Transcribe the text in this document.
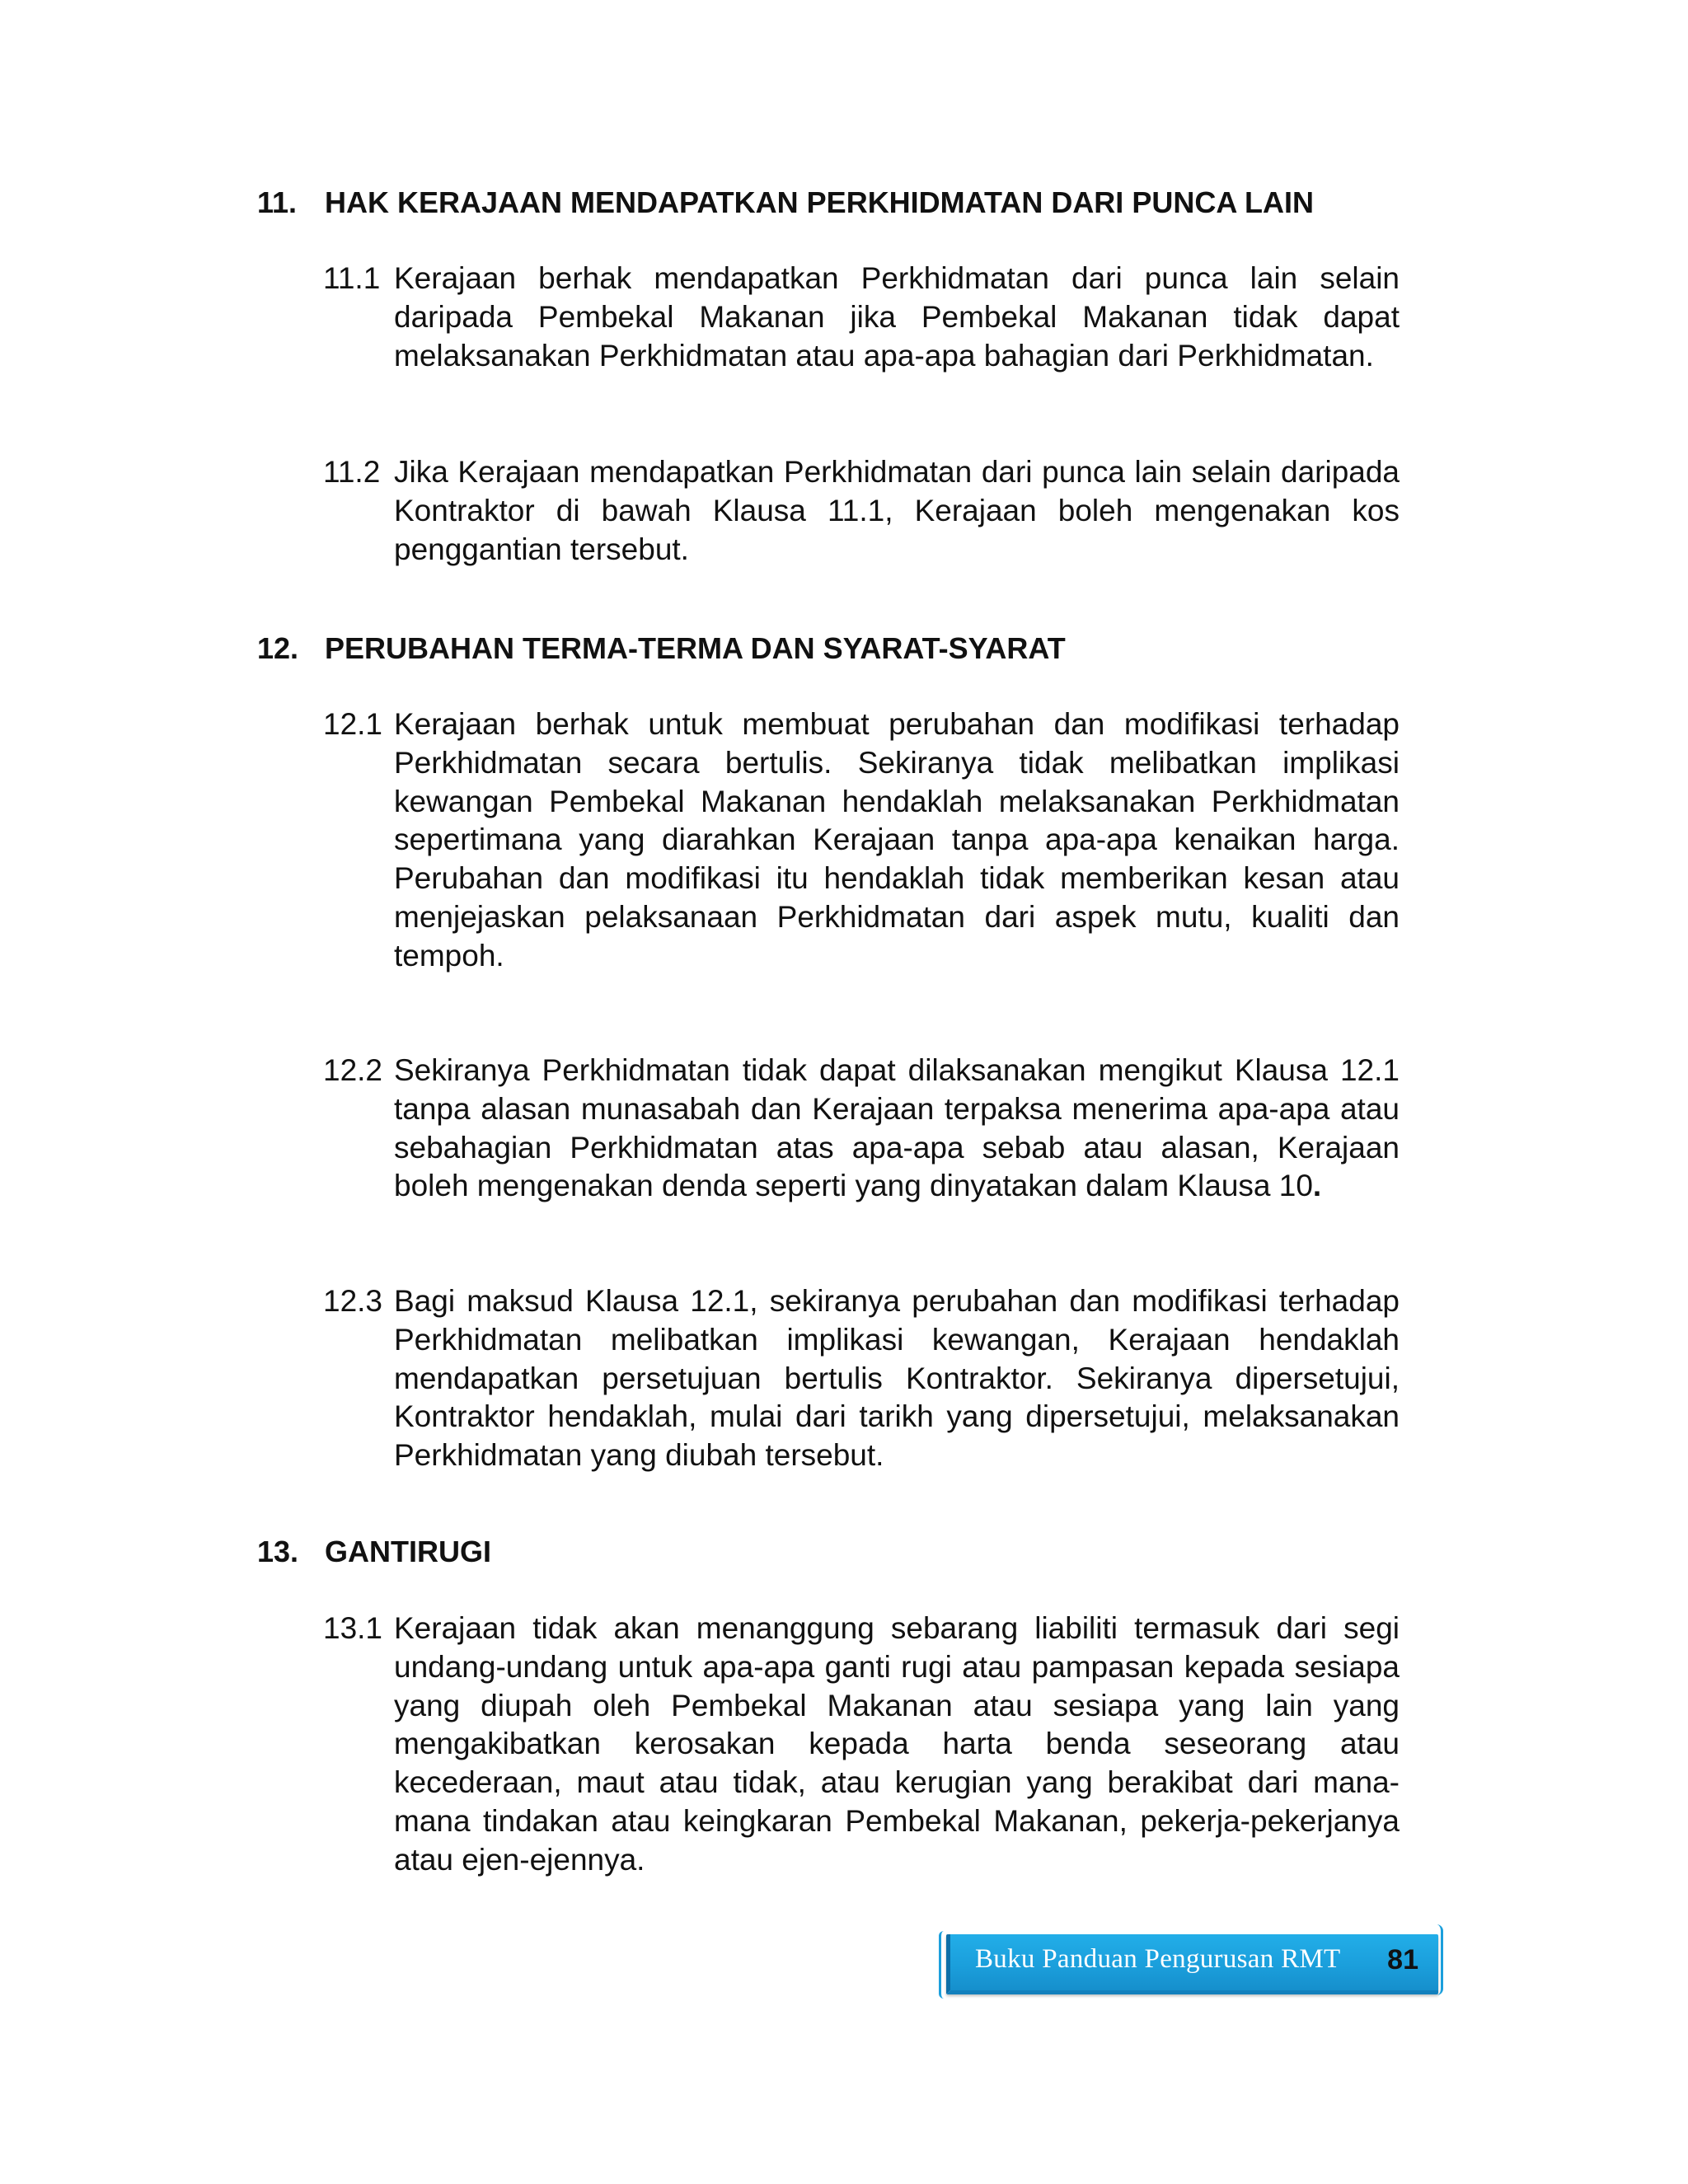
11. HAK KERAJAAN MENDAPATKAN PERKHIDMATAN DARI PUNCA LAIN
11.1 Kerajaan berhak mendapatkan Perkhidmatan dari punca lain selain daripada Pembekal Makanan jika Pembekal Makanan tidak dapat melaksanakan Perkhidmatan atau apa-apa bahagian dari Perkhidmatan.
11.2 Jika Kerajaan mendapatkan Perkhidmatan dari punca lain selain daripada Kontraktor di bawah Klausa 11.1, Kerajaan boleh mengenakan kos penggantian tersebut.
12. PERUBAHAN TERMA-TERMA DAN SYARAT-SYARAT
12.1 Kerajaan berhak untuk membuat perubahan dan modifikasi terhadap Perkhidmatan secara bertulis. Sekiranya tidak melibatkan implikasi kewangan Pembekal Makanan hendaklah melaksanakan Perkhidmatan sepertimana yang diarahkan Kerajaan tanpa apa-apa kenaikan harga. Perubahan dan modifikasi itu hendaklah tidak memberikan kesan atau menjejaskan pelaksanaan Perkhidmatan dari aspek mutu, kualiti dan tempoh.
12.2 Sekiranya Perkhidmatan tidak dapat dilaksanakan mengikut Klausa 12.1 tanpa alasan munasabah dan Kerajaan terpaksa menerima apa-apa atau sebahagian Perkhidmatan atas apa-apa sebab atau alasan, Kerajaan boleh mengenakan denda seperti yang dinyatakan dalam Klausa 10.
12.3 Bagi maksud Klausa 12.1, sekiranya perubahan dan modifikasi terhadap Perkhidmatan melibatkan implikasi kewangan, Kerajaan hendaklah mendapatkan persetujuan bertulis Kontraktor. Sekiranya dipersetujui, Kontraktor hendaklah, mulai dari tarikh yang dipersetujui, melaksanakan Perkhidmatan yang diubah tersebut.
13. GANTIRUGI
13.1 Kerajaan tidak akan menanggung sebarang liabiliti termasuk dari segi undang-undang untuk apa-apa ganti rugi atau pampasan kepada sesiapa yang diupah oleh Pembekal Makanan atau sesiapa yang lain yang mengakibatkan kerosakan kepada harta benda seseorang atau kecederaan, maut atau tidak, atau kerugian yang berakibat dari mana-mana tindakan atau keingkaran Pembekal Makanan, pekerja-pekerjanya atau ejen-ejennya.
Buku Panduan Pengurusan RMT 81
